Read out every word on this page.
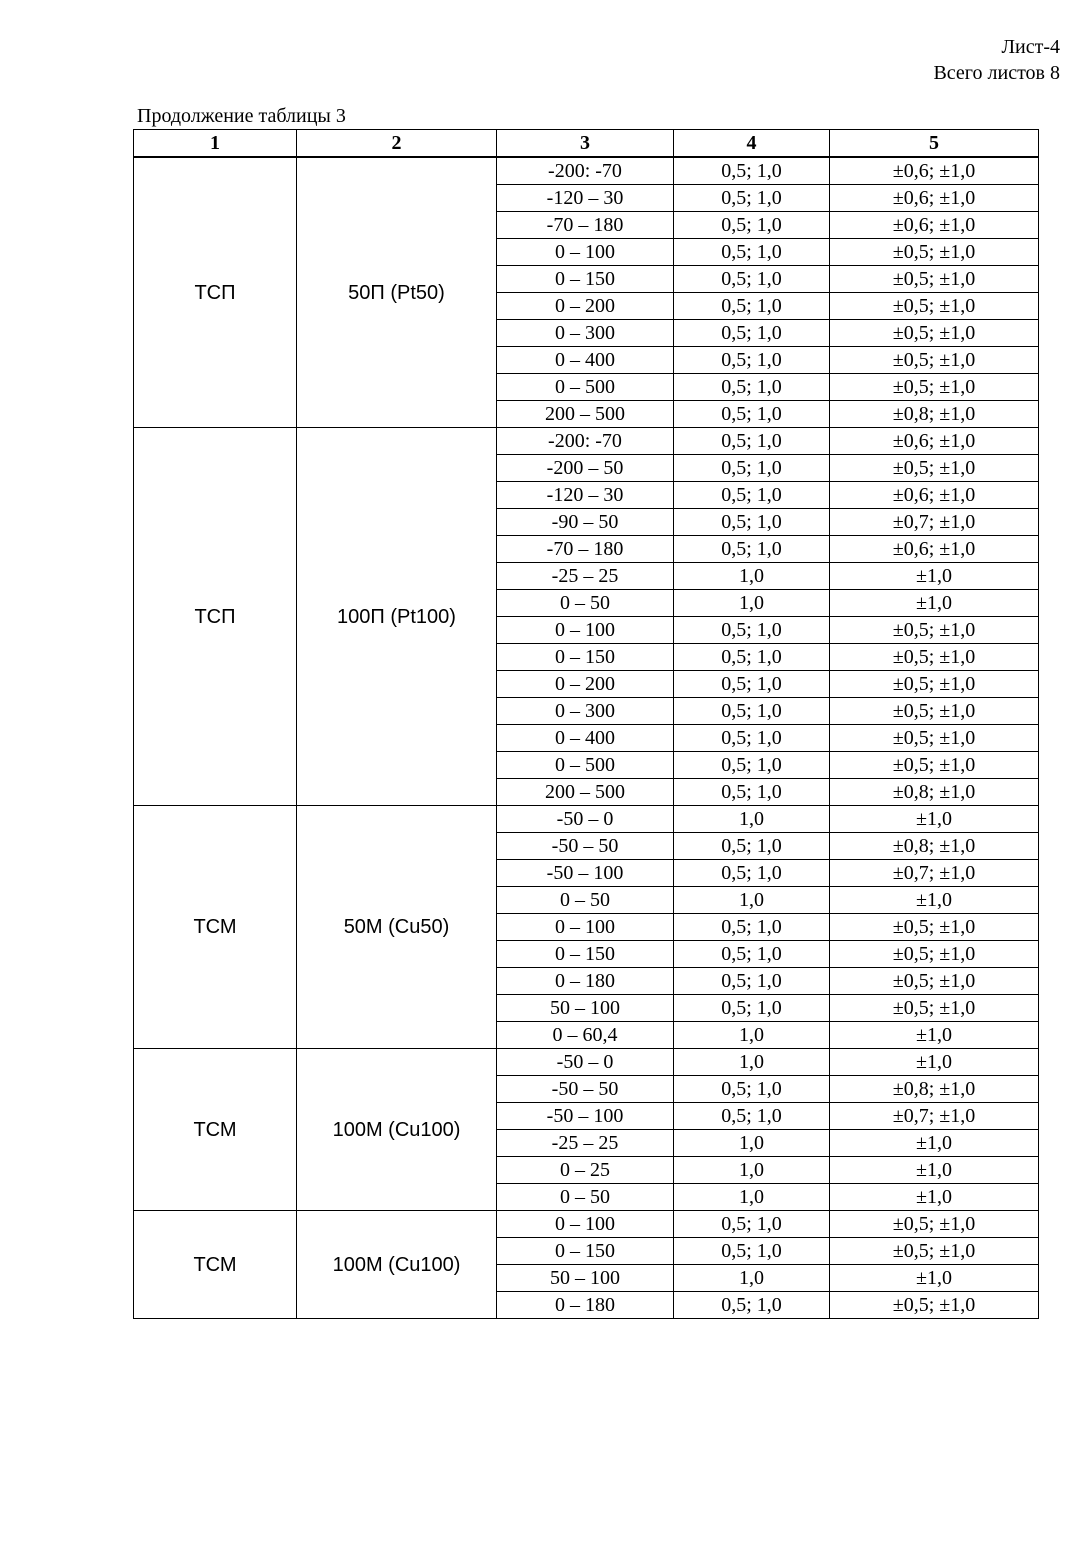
Лист-4
Всего листов 8
Продолжение таблицы 3
1	2	3	4	5
ТСП	50П (Pt50)	-200: -70	0,5; 1,0	±0,6; ±1,0
		-120 – 30	0,5; 1,0	±0,6; ±1,0
		-70 – 180	0,5; 1,0	±0,6; ±1,0
		0 – 100	0,5; 1,0	±0,5; ±1,0
		0 – 150	0,5; 1,0	±0,5; ±1,0
		0 – 200	0,5; 1,0	±0,5; ±1,0
		0 – 300	0,5; 1,0	±0,5; ±1,0
		0 – 400	0,5; 1,0	±0,5; ±1,0
		0 – 500	0,5; 1,0	±0,5; ±1,0
		200 – 500	0,5; 1,0	±0,8; ±1,0
ТСП	100П (Pt100)	-200: -70	0,5; 1,0	±0,6; ±1,0
		-200 – 50	0,5; 1,0	±0,5; ±1,0
		-120 – 30	0,5; 1,0	±0,6; ±1,0
		-90 – 50	0,5; 1,0	±0,7; ±1,0
		-70 – 180	0,5; 1,0	±0,6; ±1,0
		-25 – 25	1,0	±1,0
		0 – 50	1,0	±1,0
		0 – 100	0,5; 1,0	±0,5; ±1,0
		0 – 150	0,5; 1,0	±0,5; ±1,0
		0 – 200	0,5; 1,0	±0,5; ±1,0
		0 – 300	0,5; 1,0	±0,5; ±1,0
		0 – 400	0,5; 1,0	±0,5; ±1,0
		0 – 500	0,5; 1,0	±0,5; ±1,0
		200 – 500	0,5; 1,0	±0,8; ±1,0
ТСМ	50М (Cu50)	-50 – 0	1,0	±1,0
		-50 – 50	0,5; 1,0	±0,8; ±1,0
		-50 – 100	0,5; 1,0	±0,7; ±1,0
		0 – 50	1,0	±1,0
		0 – 100	0,5; 1,0	±0,5; ±1,0
		0 – 150	0,5; 1,0	±0,5; ±1,0
		0 – 180	0,5; 1,0	±0,5; ±1,0
		50 – 100	0,5; 1,0	±0,5; ±1,0
		0 – 60,4	1,0	±1,0
ТСМ	100М (Cu100)	-50 – 0	1,0	±1,0
		-50 – 50	0,5; 1,0	±0,8; ±1,0
		-50 – 100	0,5; 1,0	±0,7; ±1,0
		-25 – 25	1,0	±1,0
		0 – 25	1,0	±1,0
		0 – 50	1,0	±1,0
ТСМ	100М (Cu100)	0 – 100	0,5; 1,0	±0,5; ±1,0
		0 – 150	0,5; 1,0	±0,5; ±1,0
		50 – 100	1,0	±1,0
		0 – 180	0,5; 1,0	±0,5; ±1,0
